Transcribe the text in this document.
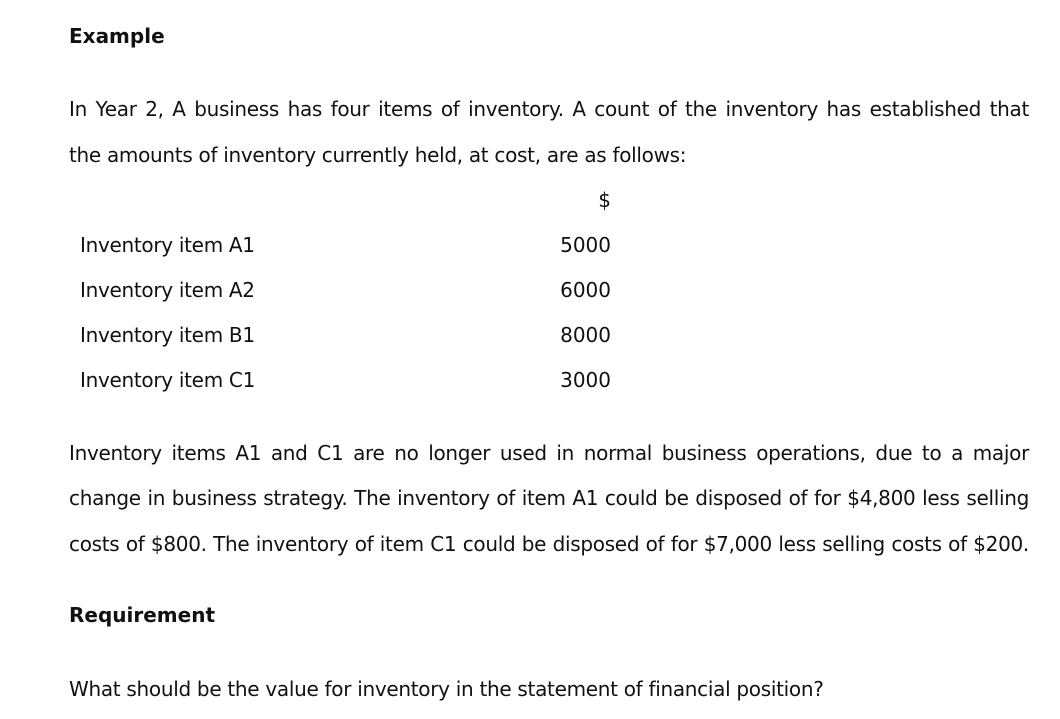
Example
In Year 2, A business has four items of inventory. A count of the inventory has established that
the amounts of inventory currently held, at cost, are as follows:
$
Inventory item A1	5000
Inventory item A2	6000
Inventory item B1	8000
Inventory item C1	3000
Inventory items A1 and C1 are no longer used in normal business operations, due to a major
change in business strategy. The inventory of item A1 could be disposed of for $4,800 less selling
costs of $800. The inventory of item C1 could be disposed of for $7,000 less selling costs of $200.
Requirement
What should be the value for inventory in the statement of financial position?
